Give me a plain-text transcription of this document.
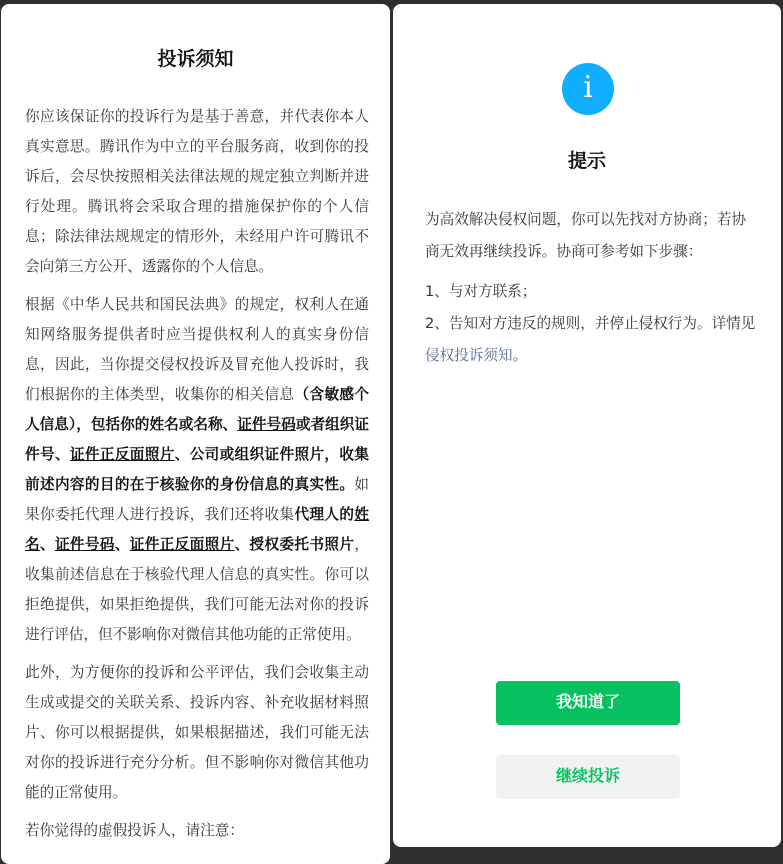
投诉须知

你应该保证你的投诉行为是基于善意，并代表你本人真实意思。腾讯作为中立的平台服务商，收到你的投诉后，会尽快按照相关法律法规的规定独立判断并进行处理。腾讯将会采取合理的措施保护你的个人信息；除法律法规规定的情形外，未经用户许可腾讯不会向第三方公开、透露你的个人信息。

根据《中华人民共和国民法典》的规定，权利人在通知网络服务提供者时应当提供权利人的真实身份信息，因此，当你提交侵权投诉及冒充他人投诉时，我们根据你的主体类型，收集你的相关信息（含敏感个人信息），包括你的姓名或名称、证件号码或者组织证件号、证件正反面照片、公司或组织证件照片，收集前述内容的目的在于核验你的身份信息的真实性。如果你委托代理人进行投诉，我们还将收集代理人的姓名、证件号码、证件正反面照片、授权委托书照片，收集前述信息在于核验代理人信息的真实性。你可以拒绝提供，如果拒绝提供，我们可能无法对你的投诉进行评估，但不影响你对微信其他功能的正常使用。

此外，为方便你的投诉和公平评估，我们会收集主动生成或提交的关联关系、投诉内容、补充收据材料照片、你可以根据提供，如果根据描述，我们可能无法对你的投诉进行充分分析。但不影响你对微信其他功能的正常使用。

若你觉得的虚假投诉人，请注意：

i
提示
为高效解决侵权问题，你可以先找对方协商；若协商无效再继续投诉。协商可参考如下步骤：
1、与对方联系；
2、告知对方违反的规则，并停止侵权行为。详情见侵权投诉须知。
我知道了
继续投诉
